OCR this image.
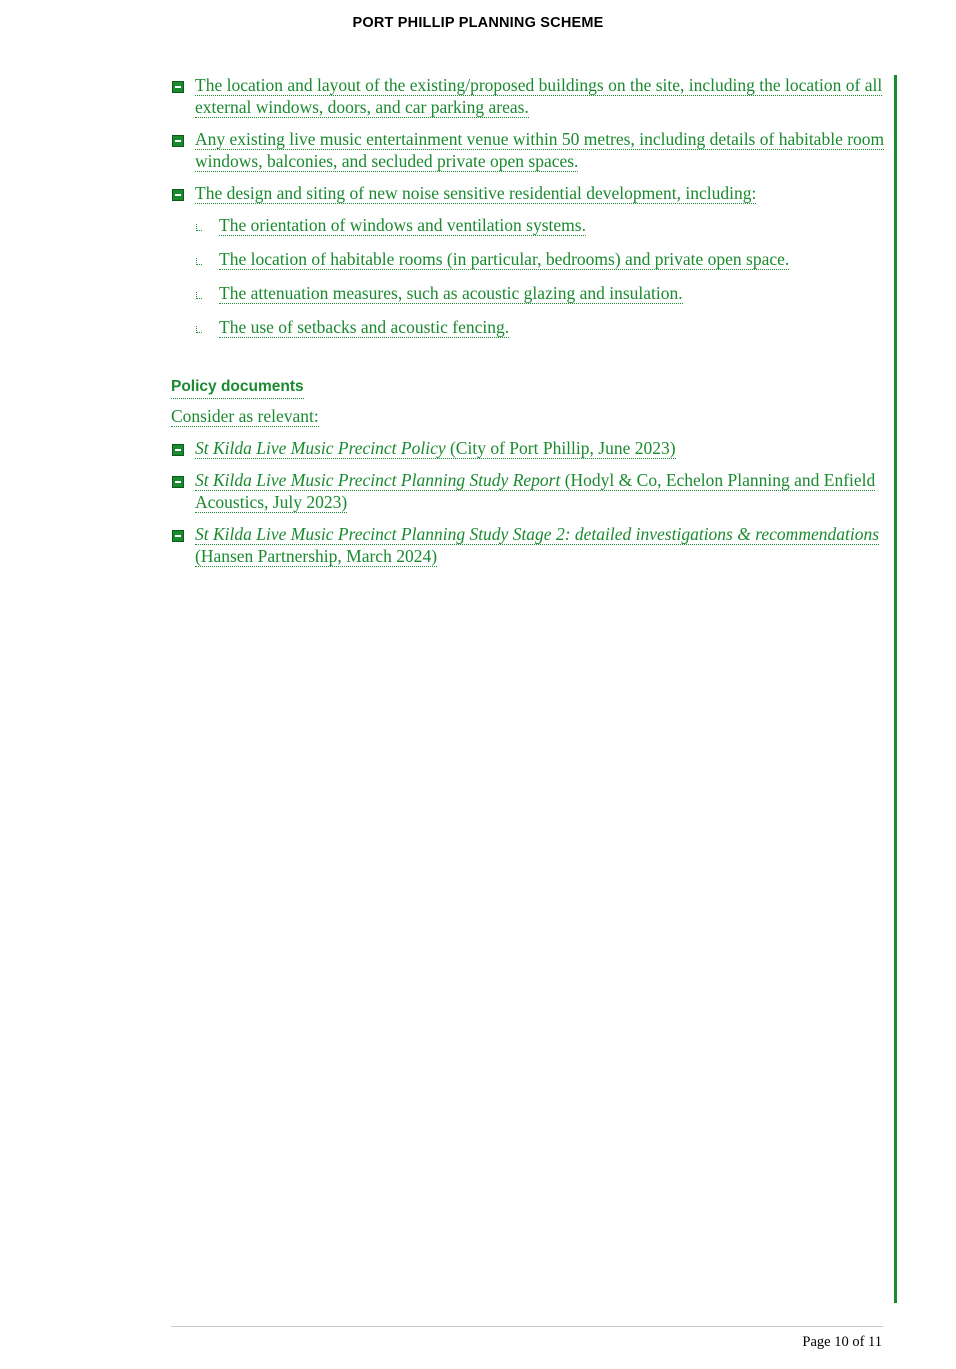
PORT PHILLIP PLANNING SCHEME
The location and layout of the existing/proposed buildings on the site, including the location of all external windows, doors, and car parking areas.
Any existing live music entertainment venue within 50 metres, including details of habitable room windows, balconies, and secluded private open spaces.
The design and siting of new noise sensitive residential development, including:
The orientation of windows and ventilation systems.
The location of habitable rooms (in particular, bedrooms) and private open space.
The attenuation measures, such as acoustic glazing and insulation.
The use of setbacks and acoustic fencing.
Policy documents
Consider as relevant:
St Kilda Live Music Precinct Policy (City of Port Phillip, June 2023)
St Kilda Live Music Precinct Planning Study Report (Hodyl & Co, Echelon Planning and Enfield Acoustics, July 2023)
St Kilda Live Music Precinct Planning Study Stage 2: detailed investigations & recommendations (Hansen Partnership, March 2024)
Page 10 of 11
